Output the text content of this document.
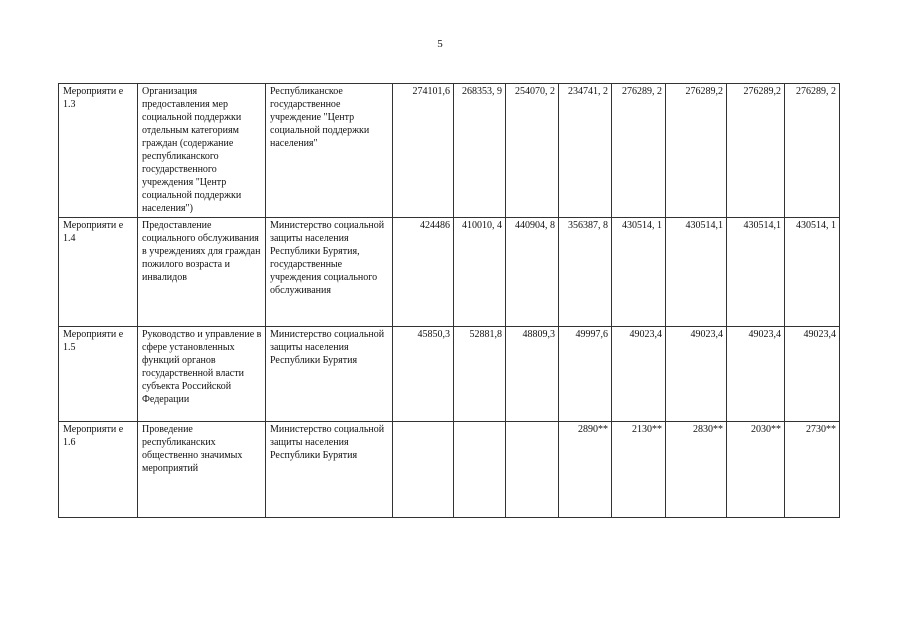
5
Мероприяти е 1.3	Организация предоставления мер социальной поддержки отдельным категориям граждан (содержание республиканского государственного учреждения "Центр социальной поддержки населения")	Республиканское государственное учреждение "Центр социальной поддержки населения"	274101,6	268353, 9	254070, 2	234741, 2	276289, 2	276289,2	276289,2	276289, 2
Мероприяти е 1.4	Предоставление социального обслуживания в учреждениях для граждан пожилого возраста и инвалидов	Министерство социальной защиты населения Республики Бурятия, государственные учреждения социального обслуживания	424486	410010, 4	440904, 8	356387, 8	430514, 1	430514,1	430514,1	430514, 1
Мероприяти е 1.5	Руководство и управление в сфере установленных функций органов государственной власти субъекта Российской Федерации	Министерство социальной защиты населения Республики Бурятия	45850,3	52881,8	48809,3	49997,6	49023,4	49023,4	49023,4	49023,4
Мероприяти е 1.6	Проведение республиканских общественно значимых мероприятий	Министерство социальной защиты населения Республики Бурятия				2890**	2130**	2830**	2030**	2730**
